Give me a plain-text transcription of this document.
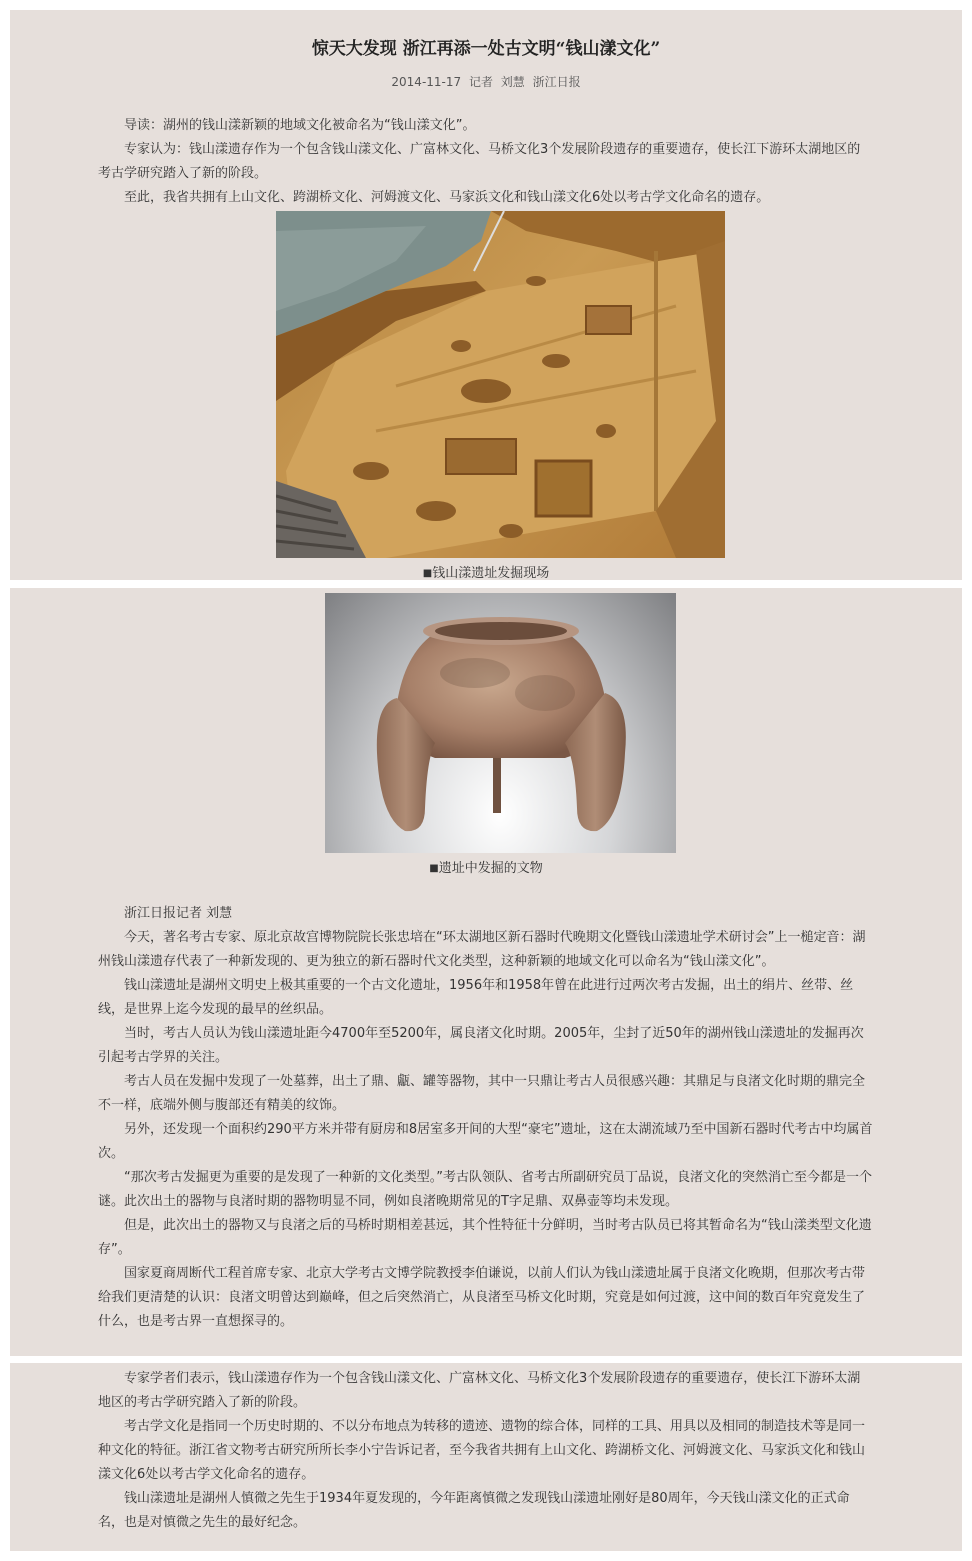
惊天大发现 浙江再添一处古文明“钱山漾文化”
2014-11-17 记者 刘慧 浙江日报

导读：湖州的钱山漾新颖的地域文化被命名为“钱山漾文化”。

专家认为：钱山漾遗存作为一个包含钱山漾文化、广富林文化、马桥文化3个发展阶段遗存的重要遗存，使长江下游环太湖地区的考古学研究踏入了新的阶段。

至此，我省共拥有上山文化、跨湖桥文化、河姆渡文化、马家浜文化和钱山漾文化6处以考古学文化命名的遗存。

■钱山漾遗址发掘现场
■遗址中发掘的文物

浙江日报记者 刘慧

今天，著名考古专家、原北京故宫博物院院长张忠培在“环太湖地区新石器时代晚期文化暨钱山漾遗址学术研讨会”上一槌定音：湖州钱山漾遗存代表了一种新发现的、更为独立的新石器时代文化类型，这种新颖的地域文化可以命名为“钱山漾文化”。

钱山漾遗址是湖州文明史上极其重要的一个古文化遗址，1956年和1958年曾在此进行过两次考古发掘，出土的绢片、丝带、丝线，是世界上迄今发现的最早的丝织品。

当时，考古人员认为钱山漾遗址距今4700年至5200年，属良渚文化时期。2005年，尘封了近50年的湖州钱山漾遗址的发掘再次引起考古学界的关注。

考古人员在发掘中发现了一处墓葬，出土了鼎、甗、罐等器物，其中一只鼎让考古人员很感兴趣：其鼎足与良渚文化时期的鼎完全不一样，底端外侧与腹部还有精美的纹饰。

另外，还发现一个面积约290平方米并带有厨房和8居室多开间的大型“豪宅”遗址，这在太湖流域乃至中国新石器时代考古中均属首次。

“那次考古发掘更为重要的是发现了一种新的文化类型。”考古队领队、省考古所副研究员丁品说，良渚文化的突然消亡至今都是一个谜。此次出土的器物与良渚时期的器物明显不同，例如良渚晚期常见的T字足鼎、双鼻壶等均未发现。

但是，此次出土的器物又与良渚之后的马桥时期相差甚远，其个性特征十分鲜明，当时考古队员已将其暂命名为“钱山漾类型文化遗存”。

国家夏商周断代工程首席专家、北京大学考古文博学院教授李伯谦说，以前人们认为钱山漾遗址属于良渚文化晚期，但那次考古带给我们更清楚的认识：良渚文明曾达到巅峰，但之后突然消亡，从良渚至马桥文化时期，究竟是如何过渡，这中间的数百年究竟发生了什么，也是考古界一直想探寻的。

专家学者们表示，钱山漾遗存作为一个包含钱山漾文化、广富林文化、马桥文化3个发展阶段遗存的重要遗存，使长江下游环太湖地区的考古学研究踏入了新的阶段。

考古学文化是指同一个历史时期的、不以分布地点为转移的遗迹、遗物的综合体，同样的工具、用具以及相同的制造技术等是同一种文化的特征。浙江省文物考古研究所所长李小宁告诉记者，至今我省共拥有上山文化、跨湖桥文化、河姆渡文化、马家浜文化和钱山漾文化6处以考古学文化命名的遗存。

钱山漾遗址是湖州人慎微之先生于1934年夏发现的，今年距离慎微之发现钱山漾遗址刚好是80周年，今天钱山漾文化的正式命名，也是对慎微之先生的最好纪念。
